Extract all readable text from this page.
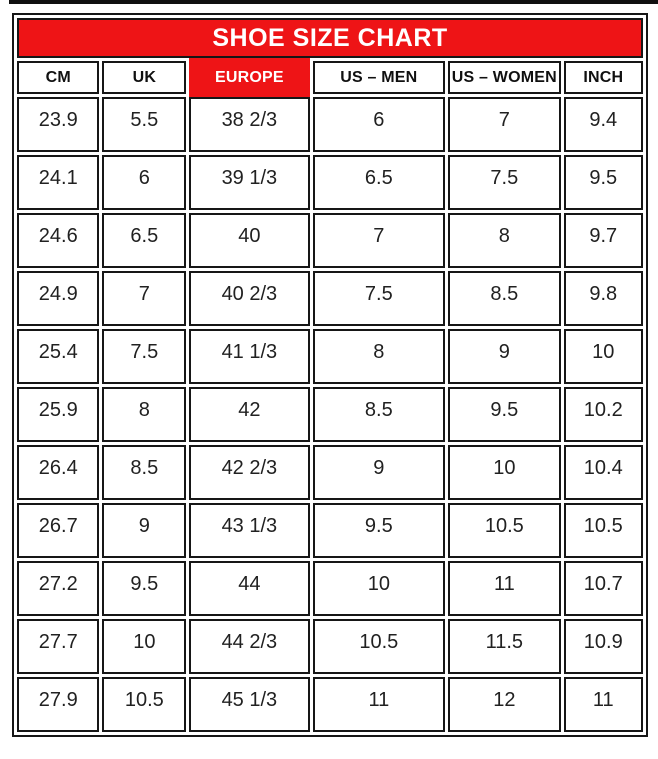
SHOE SIZE CHART					
CM	UK	EUROPE	US – MEN	US – WOMEN	INCH
23.9	5.5	38 2/3	6	7	9.4
24.1	6	39 1/3	6.5	7.5	9.5
24.6	6.5	40	7	8	9.7
24.9	7	40 2/3	7.5	8.5	9.8
25.4	7.5	41 1/3	8	9	10
25.9	8	42	8.5	9.5	10.2
26.4	8.5	42 2/3	9	10	10.4
26.7	9	43 1/3	9.5	10.5	10.5
27.2	9.5	44	10	11	10.7
27.7	10	44 2/3	10.5	11.5	10.9
27.9	10.5	45 1/3	11	12	11
